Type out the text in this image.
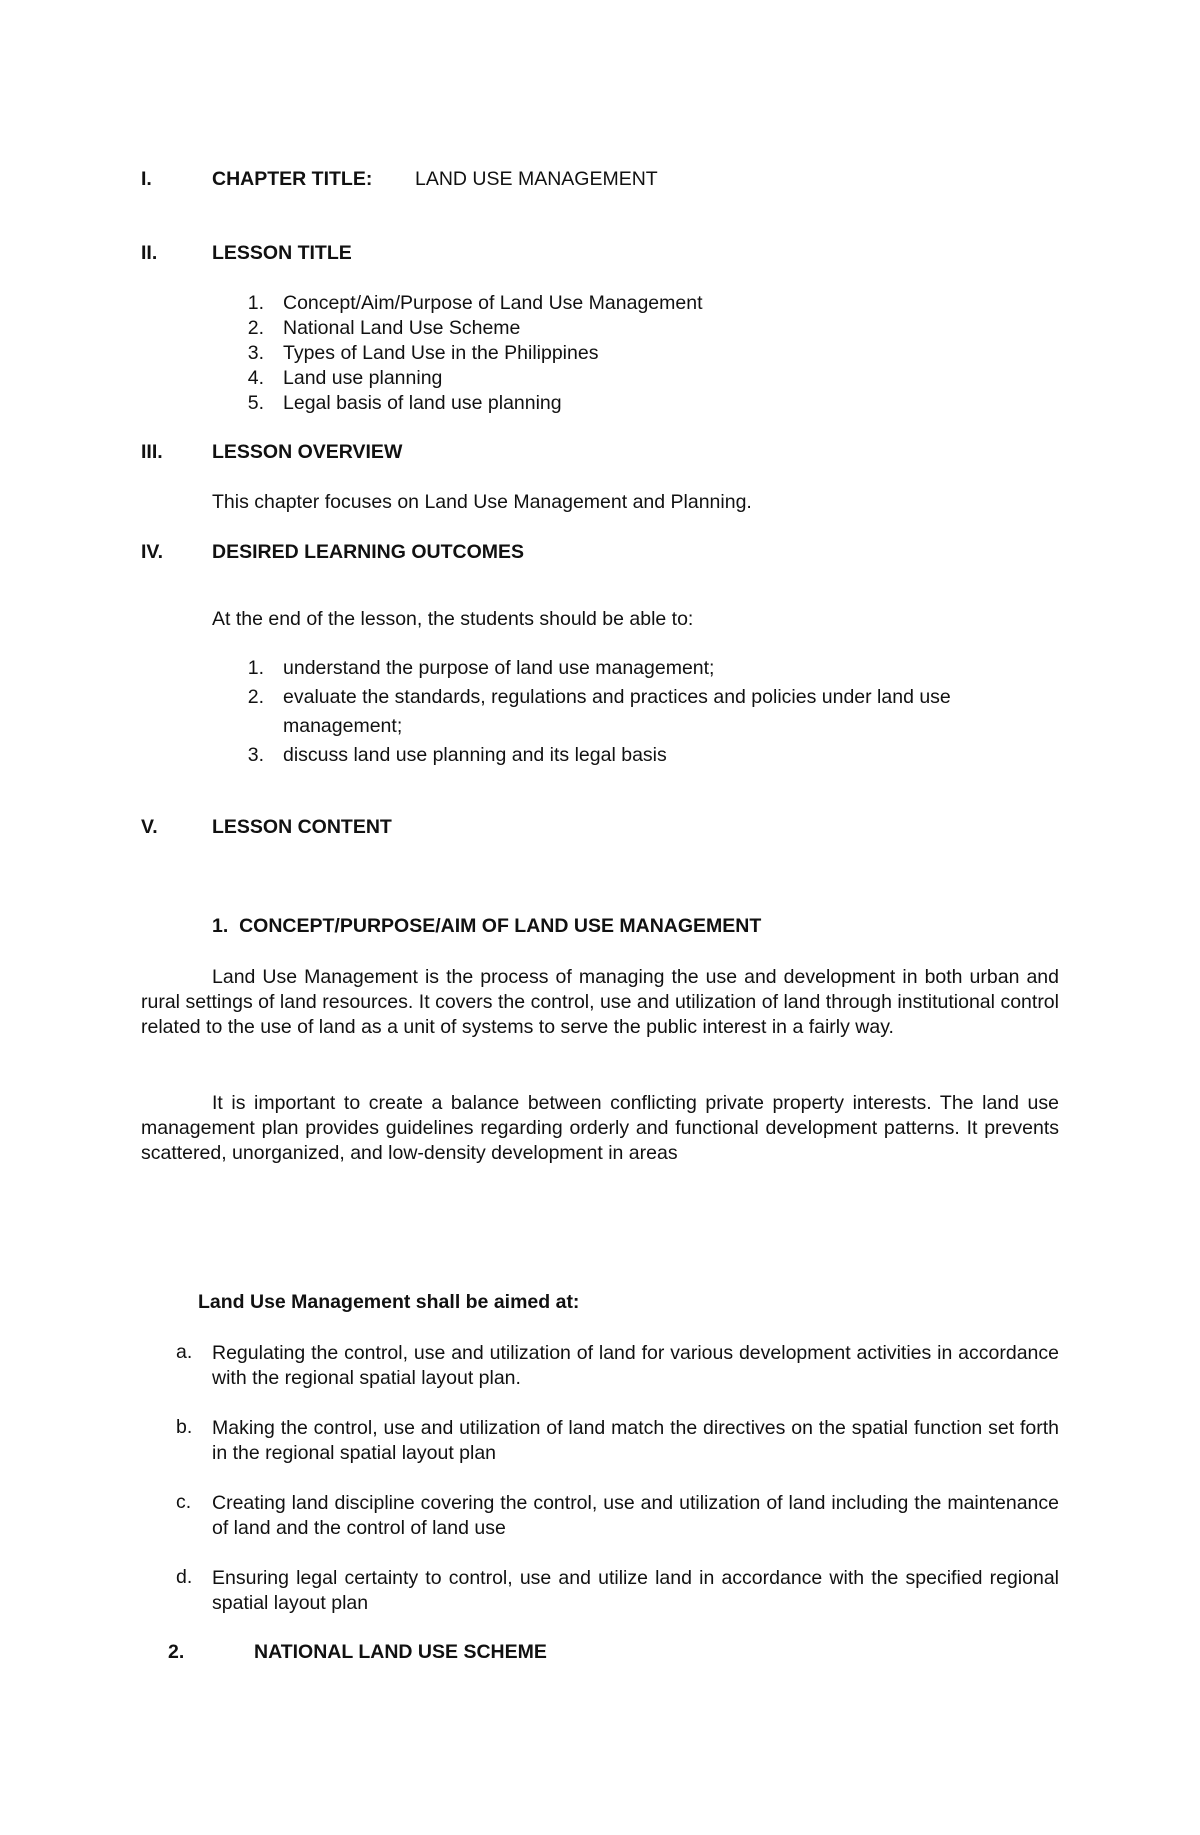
I.	CHAPTER TITLE: LAND USE MANAGEMENT
II.	LESSON TITLE
1. Concept/Aim/Purpose of Land Use Management
2. National Land Use Scheme
3. Types of Land Use in the Philippines
4. Land use planning
5. Legal basis of land use planning
III.	LESSON OVERVIEW
This chapter focuses on Land Use Management and Planning.
IV.	DESIRED LEARNING OUTCOMES
At the end of the lesson, the students should be able to:
1. understand the purpose of land use management;
2. evaluate the standards, regulations and practices and policies under land use
management;
3. discuss land use planning and its legal basis
V.	LESSON CONTENT
1.  CONCEPT/PURPOSE/AIM OF LAND USE MANAGEMENT
Land Use Management is the process of managing the use and development in both urban and rural settings of land resources. It covers the control, use and utilization of land through institutional control related to the use of land as a unit of systems to serve the public interest in a fairly way.
It is important to create a balance between conflicting private property interests. The land use management plan provides guidelines regarding orderly and functional development patterns. It prevents scattered, unorganized, and low-density development in areas
Land Use Management shall be aimed at:
a. Regulating the control, use and utilization of land for various development activities in accordance with the regional spatial layout plan.
b. Making the control, use and utilization of land match the directives on the spatial function set forth in the regional spatial layout plan
c. Creating land discipline covering the control, use and utilization of land including the maintenance of land and the control of land use
d. Ensuring legal certainty to control, use and utilize land in accordance with the specified regional spatial layout plan
2.	NATIONAL LAND USE SCHEME
